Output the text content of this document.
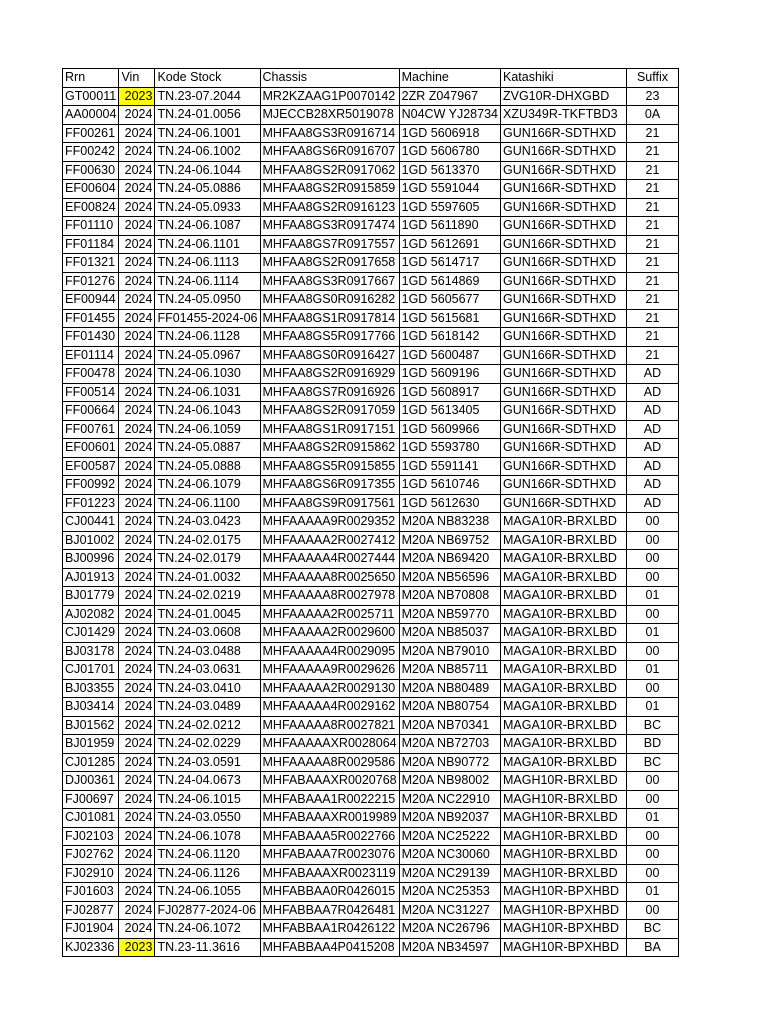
Rrn	Vin	Kode Stock	Chassis	Machine	Katashiki	Suffix
GT00011	2023	TN.23-07.2044	MR2KZAAG1P0070142	2ZR Z047967	ZVG10R-DHXGBD	23
AA00004	2024	TN.24-01.0056	MJECCB28XR5019078	N04CW YJ28734	XZU349R-TKFTBD3	0A
FF00261	2024	TN.24-06.1001	MHFAA8GS3R0916714	1GD 5606918	GUN166R-SDTHXD	21
FF00242	2024	TN.24-06.1002	MHFAA8GS6R0916707	1GD 5606780	GUN166R-SDTHXD	21
FF00630	2024	TN.24-06.1044	MHFAA8GS2R0917062	1GD 5613370	GUN166R-SDTHXD	21
EF00604	2024	TN.24-05.0886	MHFAA8GS2R0915859	1GD 5591044	GUN166R-SDTHXD	21
EF00824	2024	TN.24-05.0933	MHFAA8GS2R0916123	1GD 5597605	GUN166R-SDTHXD	21
FF01110	2024	TN.24-06.1087	MHFAA8GS3R0917474	1GD 5611890	GUN166R-SDTHXD	21
FF01184	2024	TN.24-06.1101	MHFAA8GS7R0917557	1GD 5612691	GUN166R-SDTHXD	21
FF01321	2024	TN.24-06.1113	MHFAA8GS2R0917658	1GD 5614717	GUN166R-SDTHXD	21
FF01276	2024	TN.24-06.1114	MHFAA8GS3R0917667	1GD 5614869	GUN166R-SDTHXD	21
EF00944	2024	TN.24-05.0950	MHFAA8GS0R0916282	1GD 5605677	GUN166R-SDTHXD	21
FF01455	2024	FF01455-2024-06	MHFAA8GS1R0917814	1GD 5615681	GUN166R-SDTHXD	21
FF01430	2024	TN.24-06.1128	MHFAA8GS5R0917766	1GD 5618142	GUN166R-SDTHXD	21
EF01114	2024	TN.24-05.0967	MHFAA8GS0R0916427	1GD 5600487	GUN166R-SDTHXD	21
FF00478	2024	TN.24-06.1030	MHFAA8GS2R0916929	1GD 5609196	GUN166R-SDTHXD	AD
FF00514	2024	TN.24-06.1031	MHFAA8GS7R0916926	1GD 5608917	GUN166R-SDTHXD	AD
FF00664	2024	TN.24-06.1043	MHFAA8GS2R0917059	1GD 5613405	GUN166R-SDTHXD	AD
FF00761	2024	TN.24-06.1059	MHFAA8GS1R0917151	1GD 5609966	GUN166R-SDTHXD	AD
EF00601	2024	TN.24-05.0887	MHFAA8GS2R0915862	1GD 5593780	GUN166R-SDTHXD	AD
EF00587	2024	TN.24-05.0888	MHFAA8GS5R0915855	1GD 5591141	GUN166R-SDTHXD	AD
FF00992	2024	TN.24-06.1079	MHFAA8GS6R0917355	1GD 5610746	GUN166R-SDTHXD	AD
FF01223	2024	TN.24-06.1100	MHFAA8GS9R0917561	1GD 5612630	GUN166R-SDTHXD	AD
CJ00441	2024	TN.24-03.0423	MHFAAAAA9R0029352	M20A NB83238	MAGA10R-BRXLBD	00
BJ01002	2024	TN.24-02.0175	MHFAAAAA2R0027412	M20A NB69752	MAGA10R-BRXLBD	00
BJ00996	2024	TN.24-02.0179	MHFAAAAA4R0027444	M20A NB69420	MAGA10R-BRXLBD	00
AJ01913	2024	TN.24-01.0032	MHFAAAAA8R0025650	M20A NB56596	MAGA10R-BRXLBD	00
BJ01779	2024	TN.24-02.0219	MHFAAAAA8R0027978	M20A NB70808	MAGA10R-BRXLBD	01
AJ02082	2024	TN.24-01.0045	MHFAAAAA2R0025711	M20A NB59770	MAGA10R-BRXLBD	00
CJ01429	2024	TN.24-03.0608	MHFAAAAA2R0029600	M20A NB85037	MAGA10R-BRXLBD	01
BJ03178	2024	TN.24-03.0488	MHFAAAAA4R0029095	M20A NB79010	MAGA10R-BRXLBD	00
CJ01701	2024	TN.24-03.0631	MHFAAAAA9R0029626	M20A NB85711	MAGA10R-BRXLBD	01
BJ03355	2024	TN.24-03.0410	MHFAAAAA2R0029130	M20A NB80489	MAGA10R-BRXLBD	00
BJ03414	2024	TN.24-03.0489	MHFAAAAA4R0029162	M20A NB80754	MAGA10R-BRXLBD	01
BJ01562	2024	TN.24-02.0212	MHFAAAAA8R0027821	M20A NB70341	MAGA10R-BRXLBD	BC
BJ01959	2024	TN.24-02.0229	MHFAAAAAXR0028064	M20A NB72703	MAGA10R-BRXLBD	BD
CJ01285	2024	TN.24-03.0591	MHFAAAAA8R0029586	M20A NB90772	MAGA10R-BRXLBD	BC
DJ00361	2024	TN.24-04.0673	MHFABAAAXR0020768	M20A NB98002	MAGH10R-BRXLBD	00
FJ00697	2024	TN.24-06.1015	MHFABAAA1R0022215	M20A NC22910	MAGH10R-BRXLBD	00
CJ01081	2024	TN.24-03.0550	MHFABAAAXR0019989	M20A NB92037	MAGH10R-BRXLBD	01
FJ02103	2024	TN.24-06.1078	MHFABAAA5R0022766	M20A NC25222	MAGH10R-BRXLBD	00
FJ02762	2024	TN.24-06.1120	MHFABAAA7R0023076	M20A NC30060	MAGH10R-BRXLBD	00
FJ02910	2024	TN.24-06.1126	MHFABAAAXR0023119	M20A NC29139	MAGH10R-BRXLBD	00
FJ01603	2024	TN.24-06.1055	MHFABBAA0R0426015	M20A NC25353	MAGH10R-BPXHBD	01
FJ02877	2024	FJ02877-2024-06	MHFABBAA7R0426481	M20A NC31227	MAGH10R-BPXHBD	00
FJ01904	2024	TN.24-06.1072	MHFABBAA1R0426122	M20A NC26796	MAGH10R-BPXHBD	BC
KJ02336	2023	TN.23-11.3616	MHFABBAA4P0415208	M20A NB34597	MAGH10R-BPXHBD	BA
